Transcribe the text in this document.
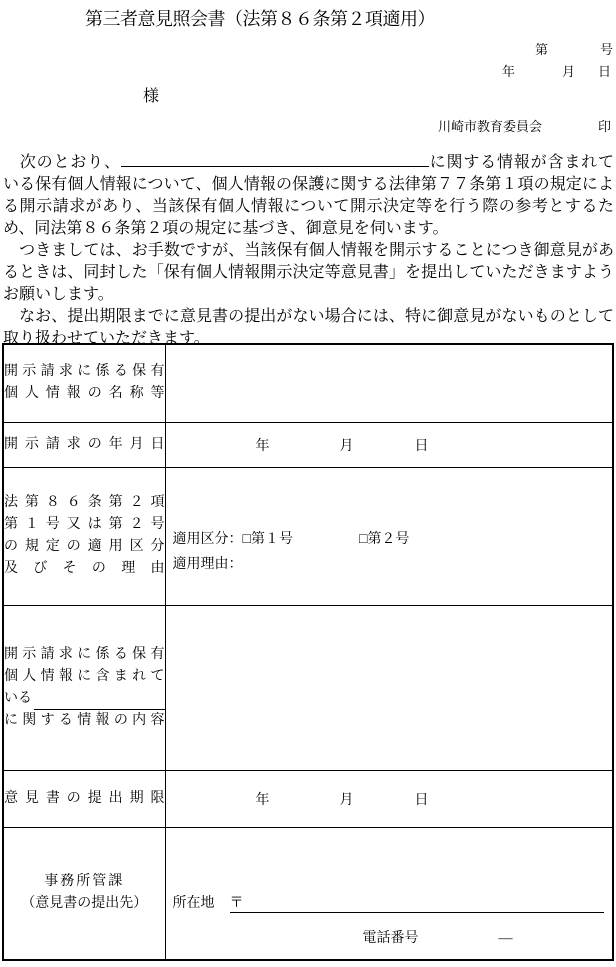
第三者意見照会書（法第８６条第２項適用）
第	号
年	月 日
様
川崎市教育委員会	印
　次のとおり、	に関する情報が含まれている保有個人情報について、個人情報の保護に関する法律第７７条第１項の規定による開示請求があり、当該保有個人情報について開示決定等を行う際の参考とするため、同法第８６条第２項の規定に基づき、御意見を伺います。
　つきましては、お手数ですが、当該保有個人情報を開示することにつき御意見があるときは、同封した「保有個人情報開示決定等意見書」を提出していただきますようお願いします。
　なお、提出期限までに意見書の提出がない場合には、特に御意見がないものとして取り扱わせていただきます。
開示請求に係る保有
個人情報の名称等	

開示請求の年月日	年 月 日

法第８６条第２項
第１号又は第２号
の規定の適用区分
及びその理由

適用区分：□第１号	□第２号
適用理由：

開示請求に係る保有
個人情報に含まれて
いる
に関する情報の内容	

意見書の提出期限	年 月 日

事務所管課
（意見書の提出先）	所在地 〒
電話番号	―
